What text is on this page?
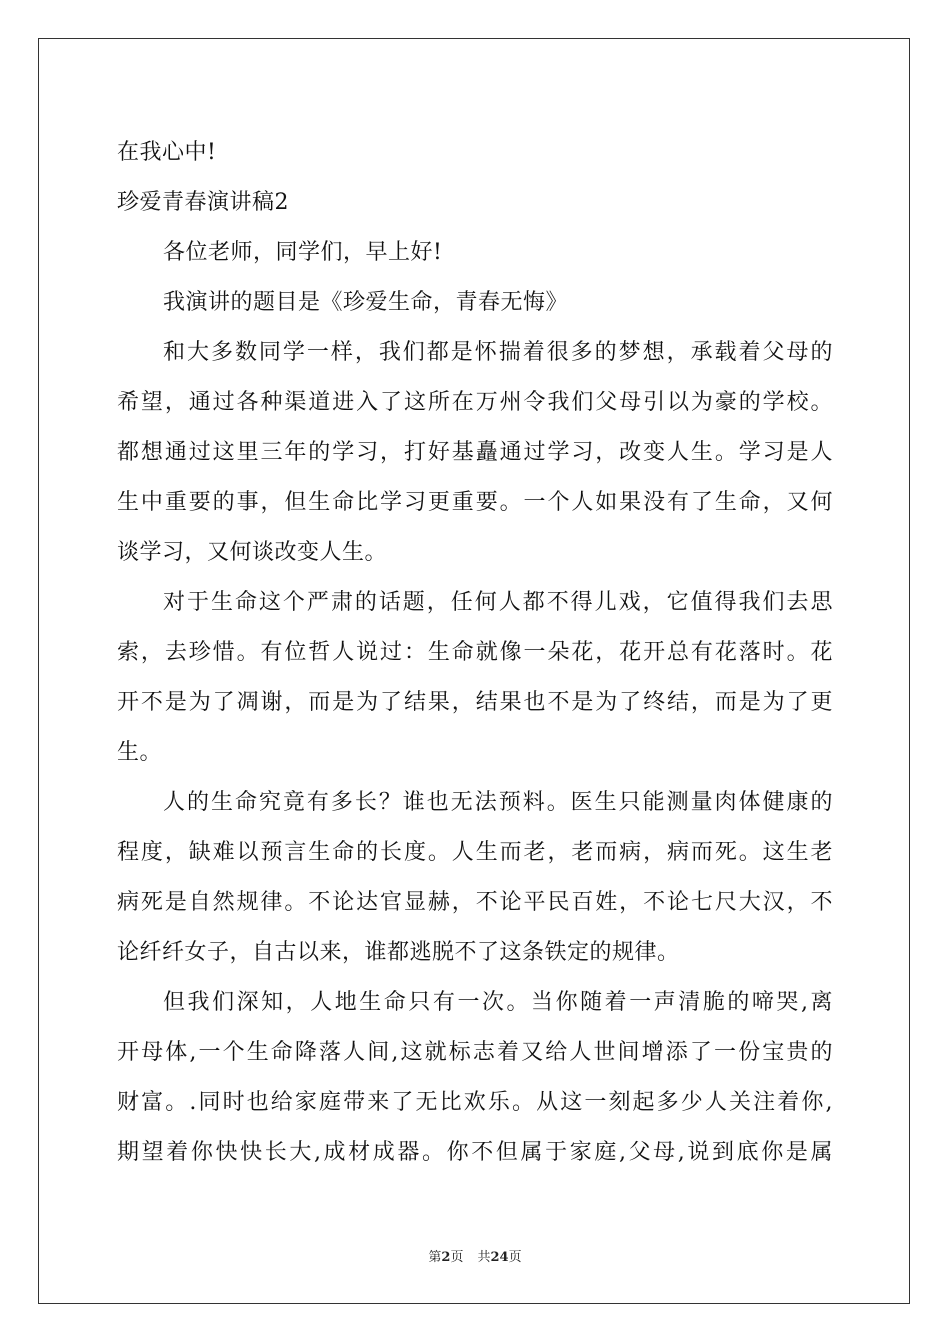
在我心中!
珍爱青春演讲稿2
各位老师，同学们，早上好!
我演讲的题目是《珍爱生命，青春无悔》
和大多数同学一样，我们都是怀揣着很多的梦想，承载着父母的
希望，通过各种渠道进入了这所在万州令我们父母引以为豪的学校。
都想通过这里三年的学习，打好基矗通过学习，改变人生。学习是人
生中重要的事，但生命比学习更重要。一个人如果没有了生命，又何
谈学习，又何谈改变人生。
对于生命这个严肃的话题，任何人都不得儿戏，它值得我们去思
索，去珍惜。有位哲人说过：生命就像一朵花，花开总有花落时。花
开不是为了凋谢，而是为了结果，结果也不是为了终结，而是为了更
生。
人的生命究竟有多长？谁也无法预料。医生只能测量肉体健康的
程度，缺难以预言生命的长度。人生而老，老而病，病而死。这生老
病死是自然规律。不论达官显赫，不论平民百姓，不论七尺大汉，不
论纤纤女子，自古以来，谁都逃脱不了这条铁定的规律。
但我们深知，人地生命只有一次。当你随着一声清脆的啼哭,离
开母体,一个生命降落人间,这就标志着又给人世间增添了一份宝贵的
财富。.同时也给家庭带来了无比欢乐。从这一刻起多少人关注着你,
期望着你快快长大,成材成器。你不但属于家庭,父母,说到底你是属
第2页 共24页
